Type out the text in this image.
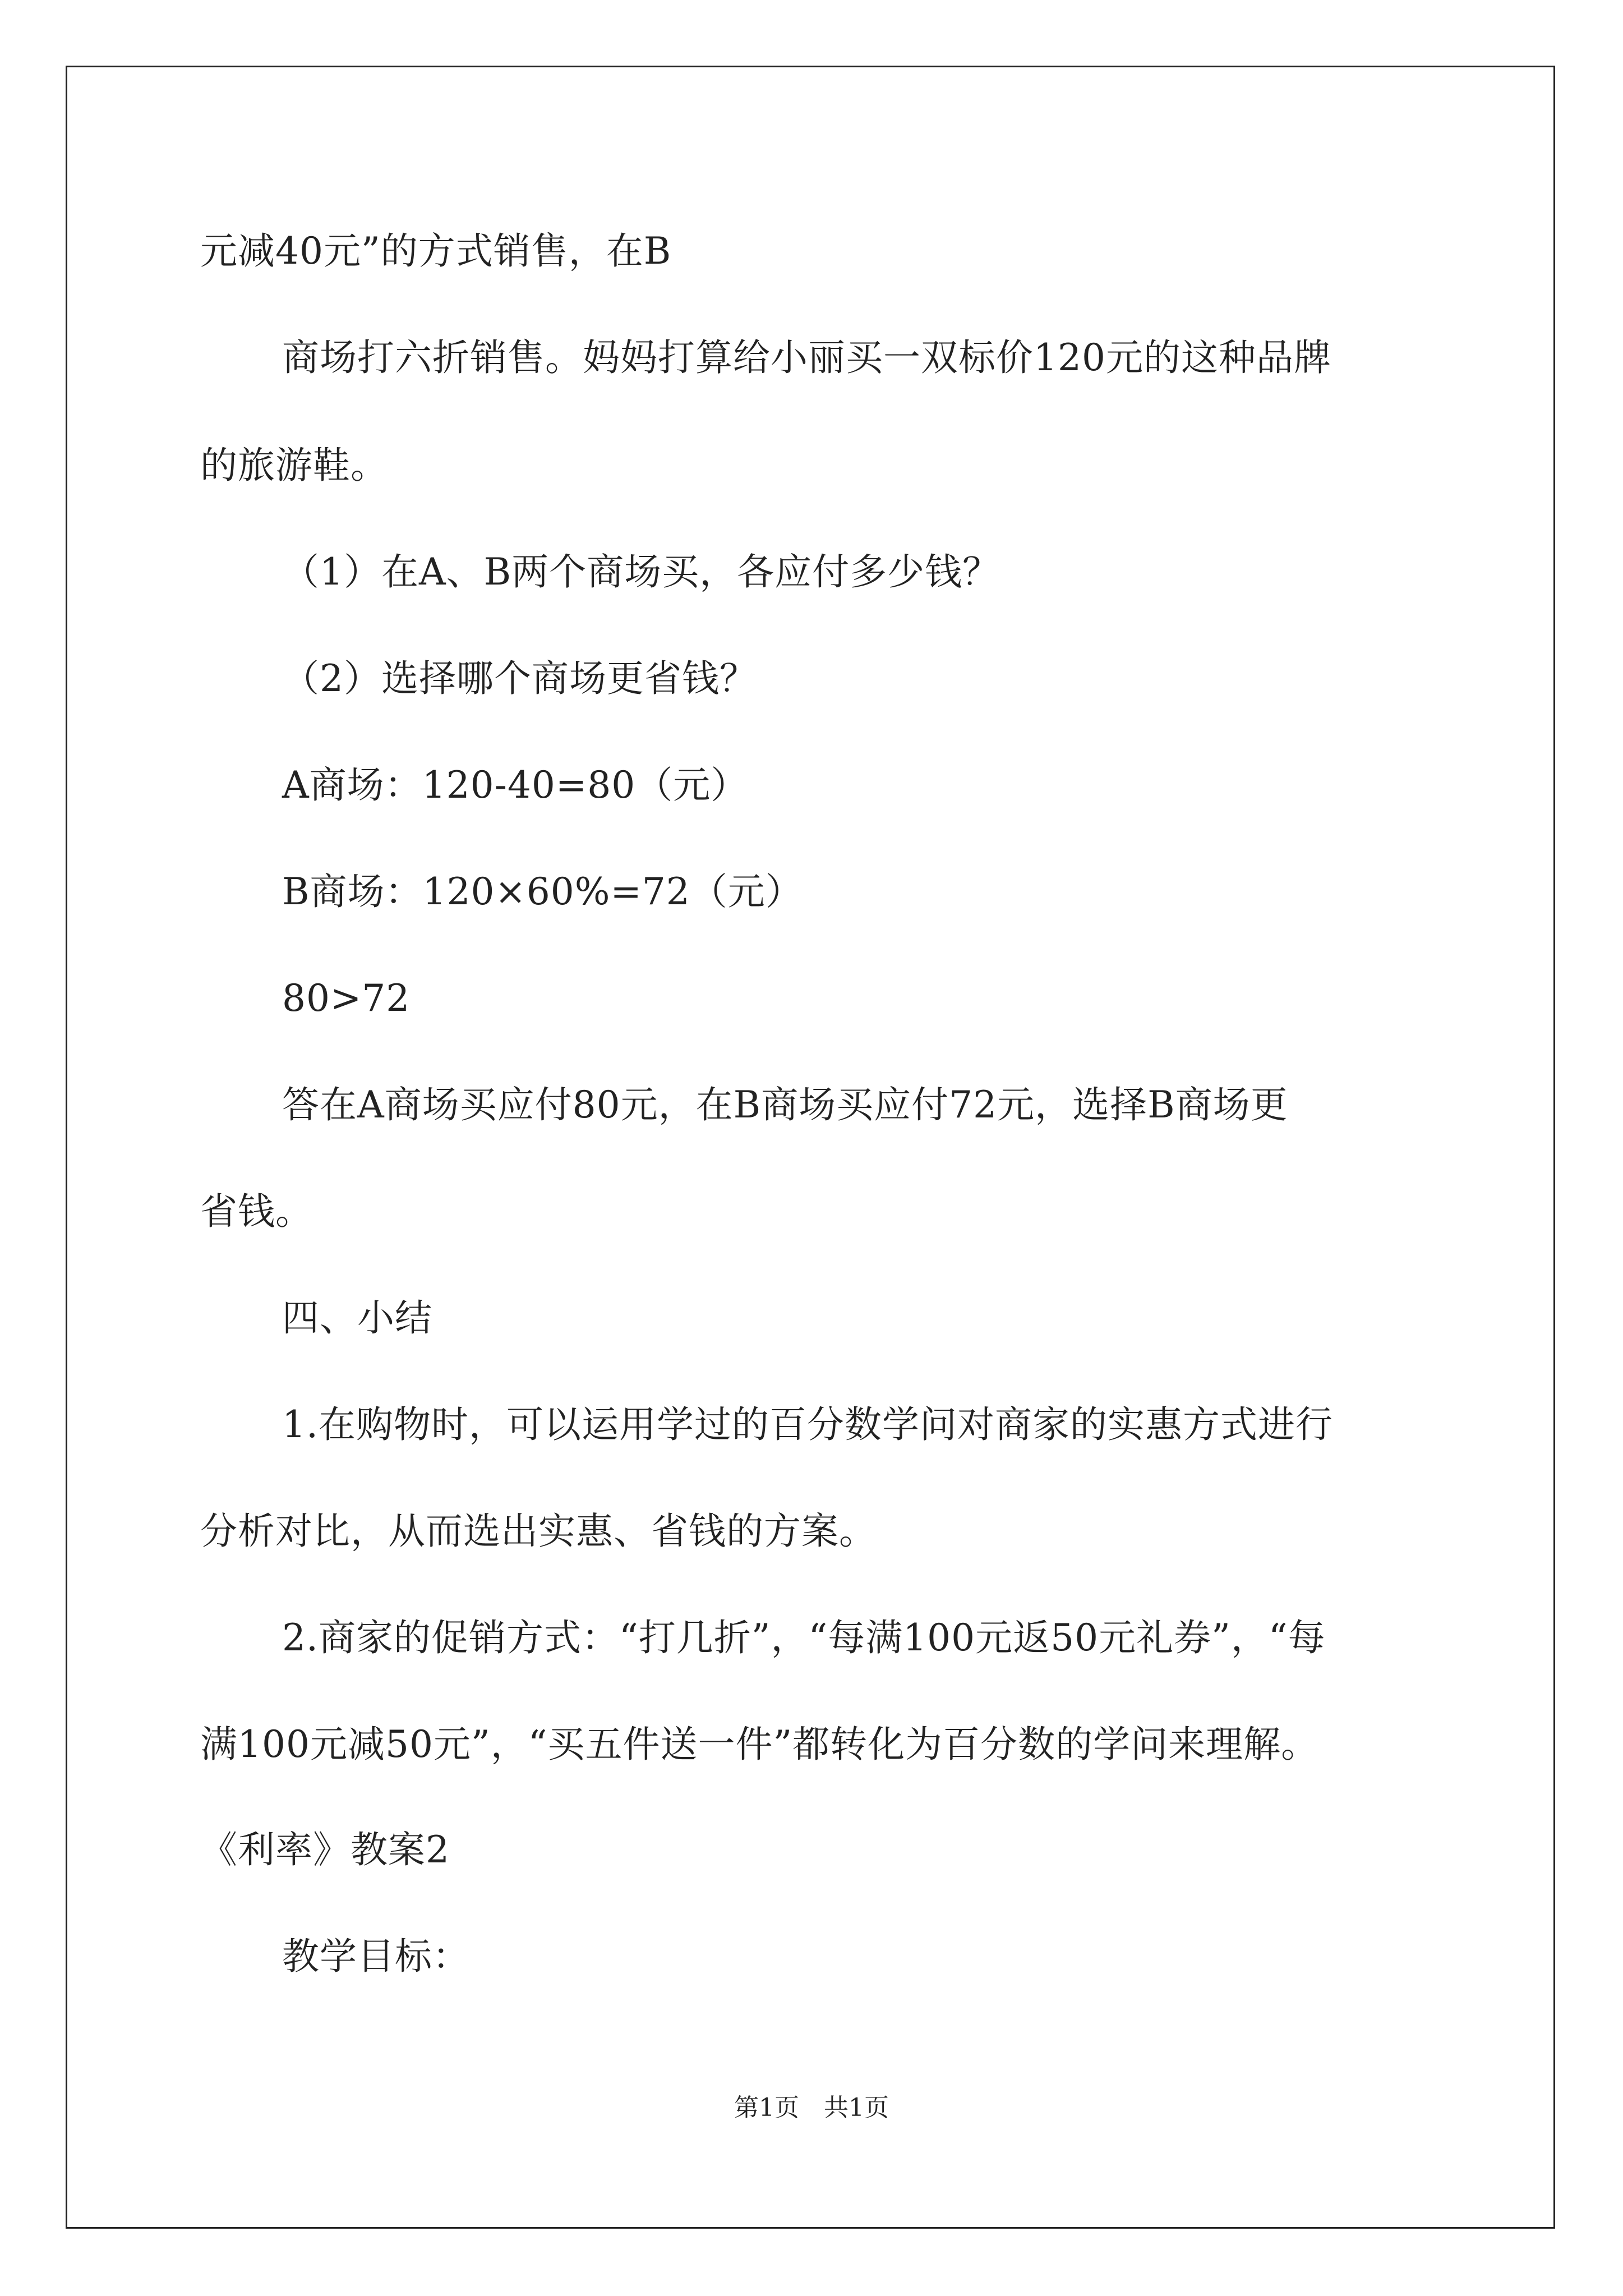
元减40元”的方式销售，在B
商场打六折销售。妈妈打算给小丽买一双标价120元的这种品牌
的旅游鞋。
（1）在A、B两个商场买，各应付多少钱？
（2）选择哪个商场更省钱？
A商场：120-40=80（元）
B商场：120×60%=72（元）
80>72
答在A商场买应付80元，在B商场买应付72元，选择B商场更
省钱。
四、小结
1.在购物时，可以运用学过的百分数学问对商家的实惠方式进行
分析对比，从而选出实惠、省钱的方案。
2.商家的促销方式：“打几折”，“每满100元返50元礼券”，“每
满100元减50元”，“买五件送一件”都转化为百分数的学问来理解。
《利率》教案2
教学目标：
第1页　共1页
